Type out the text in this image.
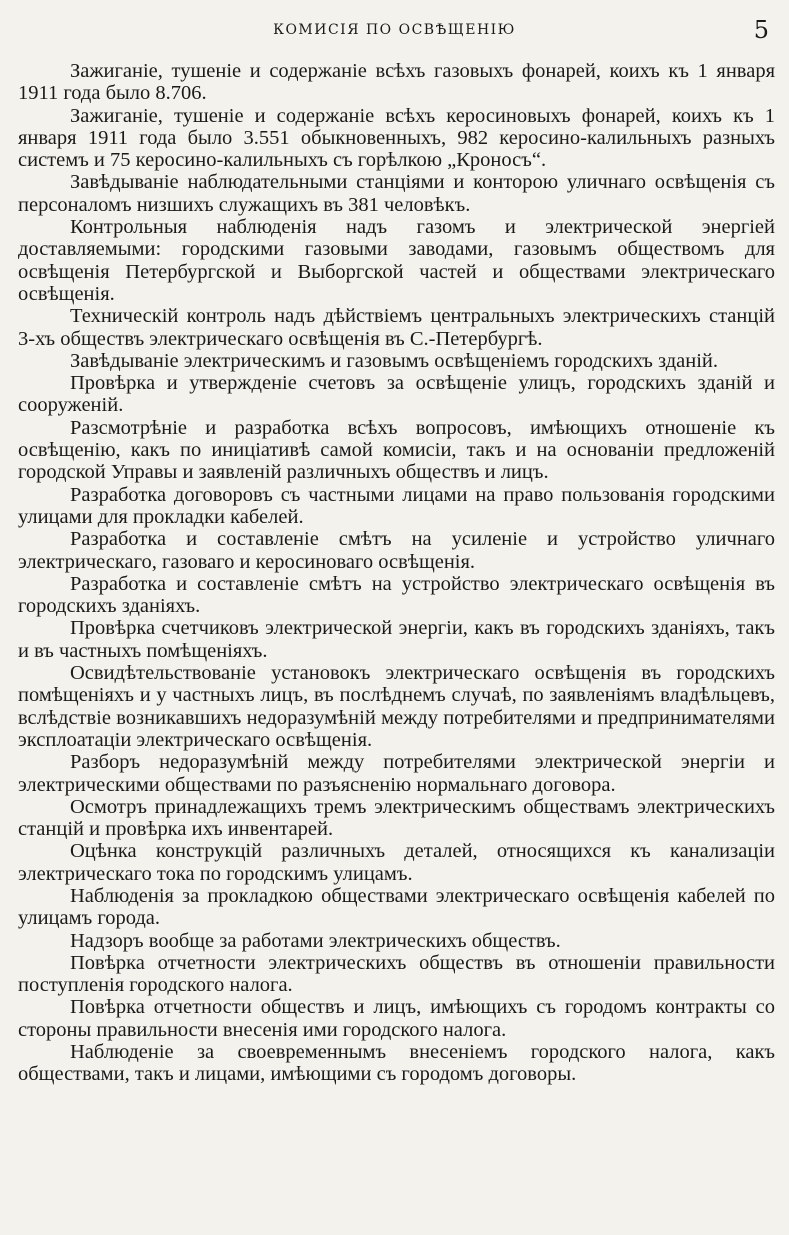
КОМИСІЯ ПО ОСВѢЩЕНІЮ	5

Зажиганіе, тушеніе и содержаніе всѣхъ газовыхъ фонарей, коихъ къ 1 января 1911 года было 8.706.

Зажиганіе, тушеніе и содержаніе всѣхъ керосиновыхъ фонарей, коихъ къ 1 января 1911 года было 3.551 обыкновенныхъ, 982 керосино-калильныхъ разныхъ системъ и 75 керосино-калильныхъ съ горѣлкою „Кроносъ“.

Завѣдываніе наблюдательными станціями и конторою уличнаго освѣщенія съ персоналомъ низшихъ служащихъ въ 381 человѣкъ.

Контрольныя наблюденія надъ газомъ и электрической энергіей доставляемыми: городскими газовыми заводами, газовымъ обществомъ для освѣщенія Петербургской и Выборгской частей и обществами электрическаго освѣщенія.

Техническій контроль надъ дѣйствіемъ центральныхъ электрическихъ станцій 3-хъ обществъ электрическаго освѣщенія въ С.-Петербургѣ.

Завѣдываніе электрическимъ и газовымъ освѣщеніемъ городскихъ зданій.

Провѣрка и утвержденіе счетовъ за освѣщеніе улицъ, городскихъ зданій и сооруженій.

Разсмотрѣніе и разработка всѣхъ вопросовъ, имѣющихъ отношеніе къ освѣщенію, какъ по иниціативѣ самой комисіи, такъ и на основаніи предложеній городской Управы и заявленій различныхъ обществъ и лицъ.

Разработка договоровъ съ частными лицами на право пользованія городскими улицами для прокладки кабелей.

Разработка и составленіе смѣтъ на усиленіе и устройство уличнаго электрическаго, газоваго и керосиноваго освѣщенія.

Разработка и составленіе смѣтъ на устройство электрическаго освѣщенія въ городскихъ зданіяхъ.

Провѣрка счетчиковъ электрической энергіи, какъ въ городскихъ зданіяхъ, такъ и въ частныхъ помѣщеніяхъ.

Освидѣтельствованіе установокъ электрическаго освѣщенія въ городскихъ помѣщеніяхъ и у частныхъ лицъ, въ послѣднемъ случаѣ, по заявленіямъ владѣльцевъ, вслѣдствіе возникавшихъ недоразумѣній между потребителями и предпринимателями эксплоатаціи электрическаго освѣщенія.

Разборъ недоразумѣній между потребителями электрической энергіи и электрическими обществами по разъясненію нормальнаго договора.

Осмотръ принадлежащихъ тремъ электрическимъ обществамъ электрическихъ станцій и провѣрка ихъ инвентарей.

Оцѣнка конструкцій различныхъ деталей, относящихся къ канализаціи электрическаго тока по городскимъ улицамъ.

Наблюденія за прокладкою обществами электрическаго освѣщенія кабелей по улицамъ города.

Надзоръ вообще за работами электрическихъ обществъ.

Повѣрка отчетности электрическихъ обществъ въ отношеніи правильности поступленія городского налога.

Повѣрка отчетности обществъ и лицъ, имѣющихъ съ городомъ контракты со стороны правильности внесенія ими городского налога.

Наблюденіе за своевременнымъ внесеніемъ городского налога, какъ обществами, такъ и лицами, имѣющими съ городомъ договоры.
